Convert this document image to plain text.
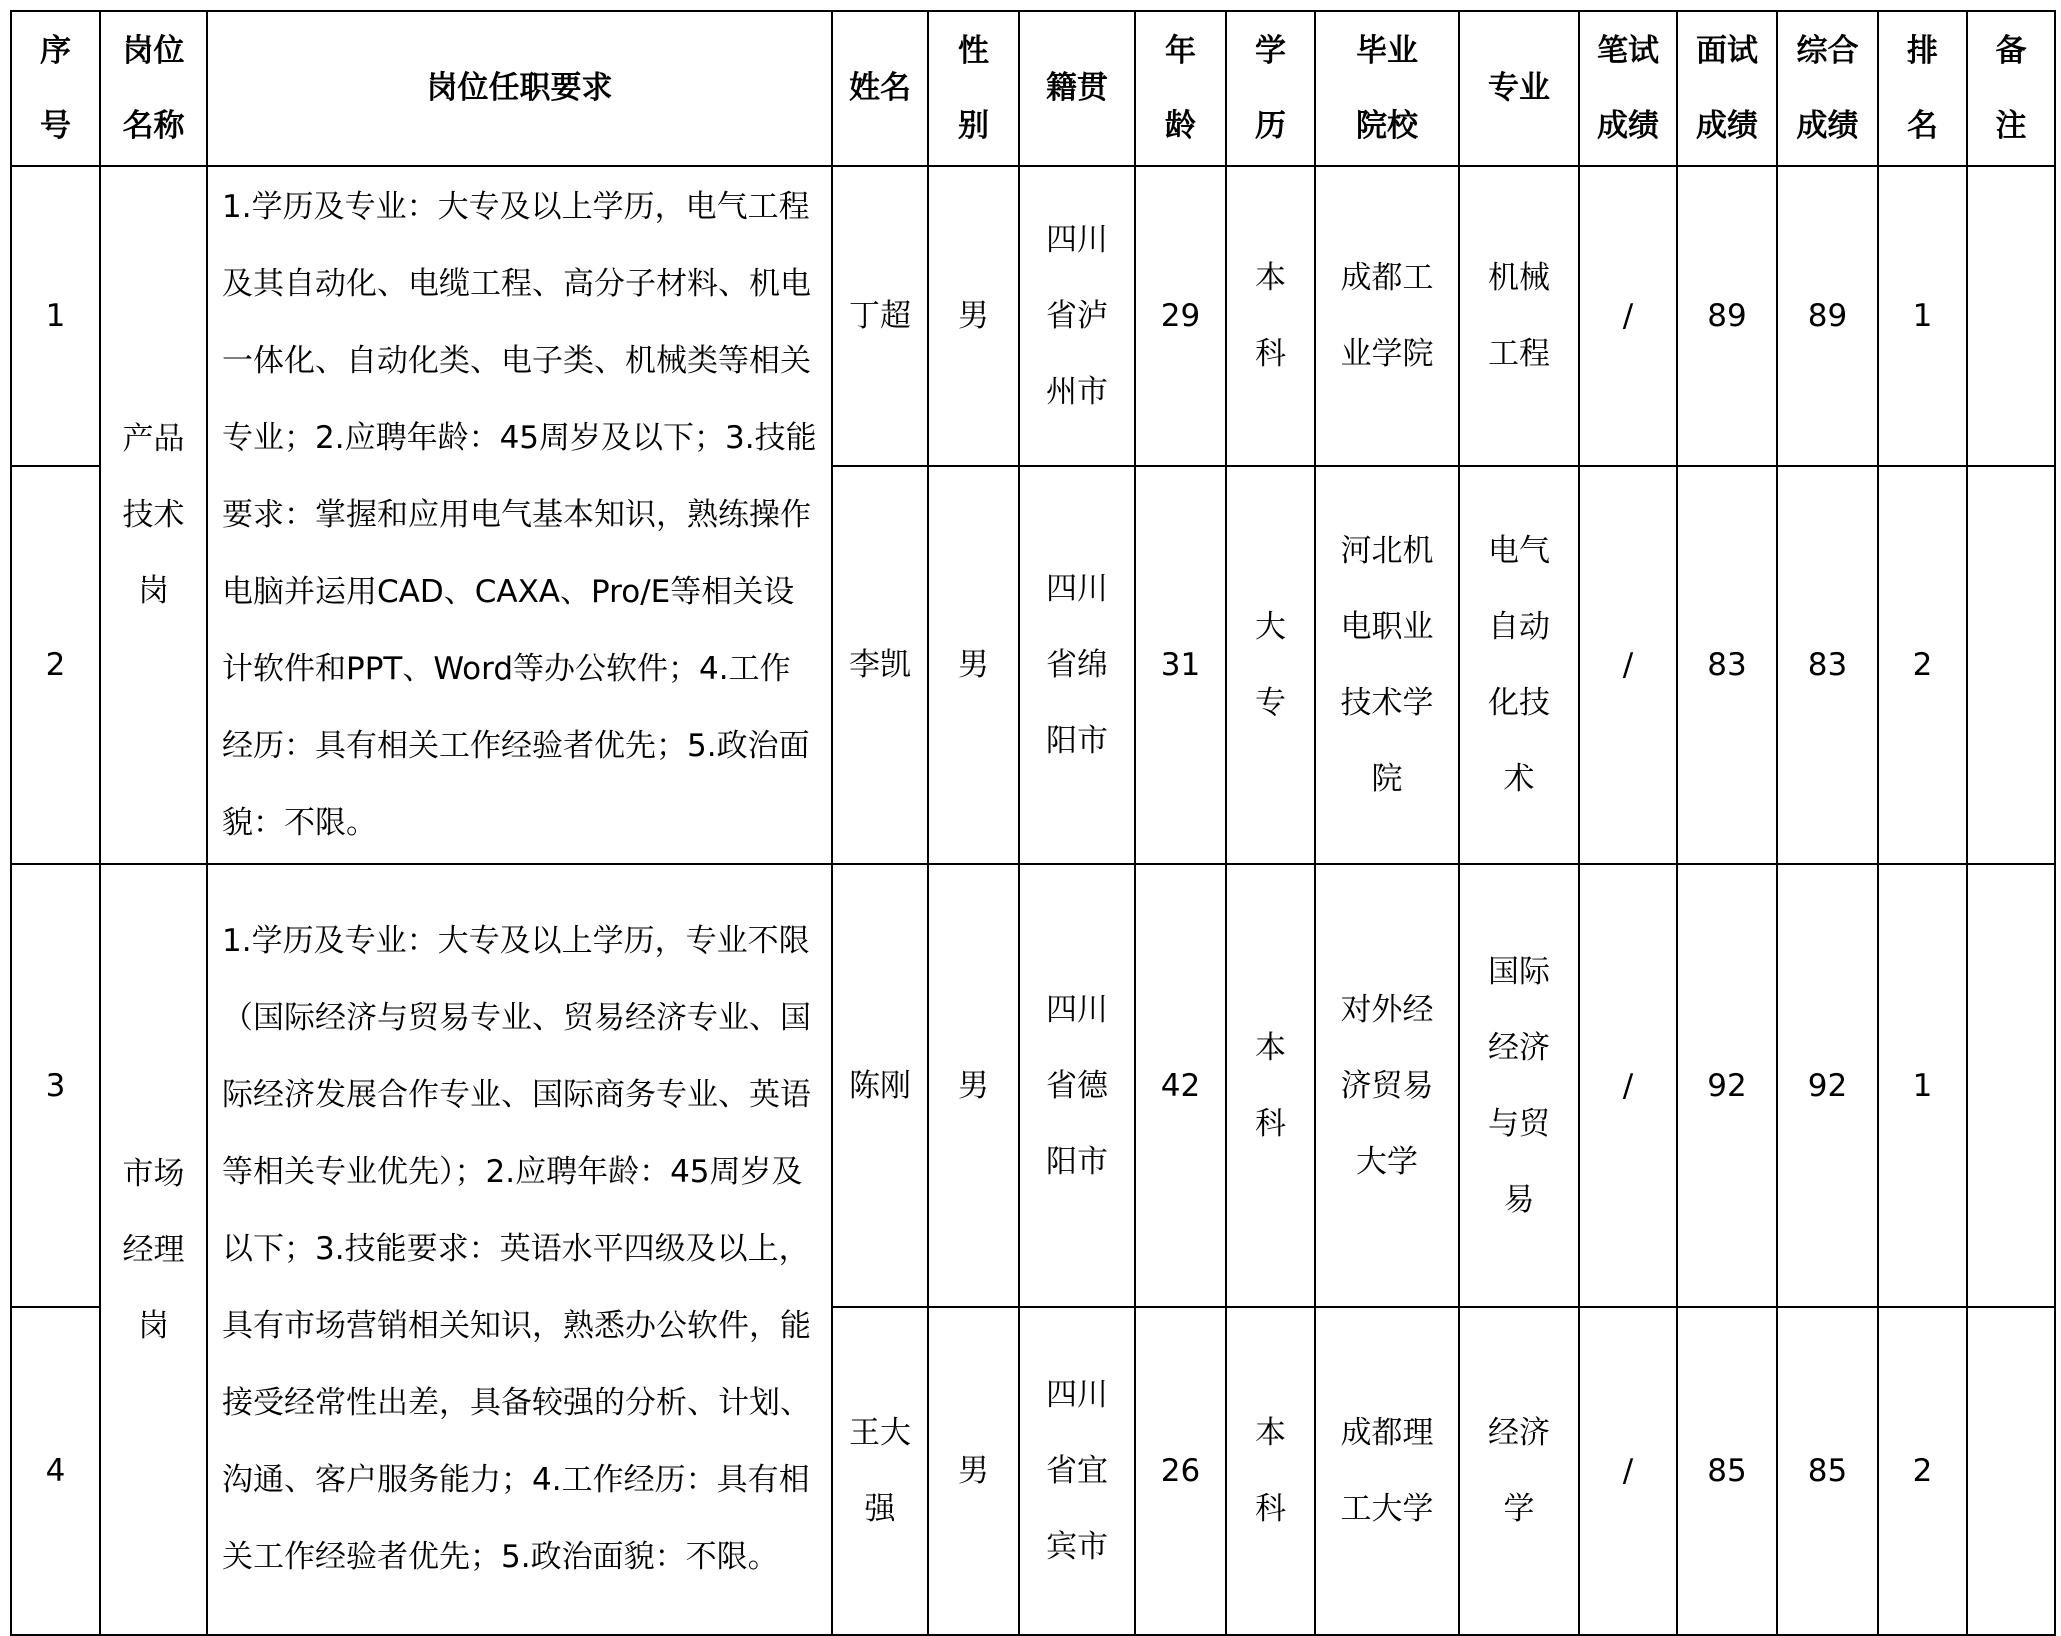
序号	岗位名称	岗位任职要求	姓名	性别	籍贯	年龄	学历	毕业院校	专业	笔试成绩	面试成绩	综合成绩	排名	备注

1	产品技术岗	1.学历及专业：大专及以上学历，电气工程及其自动化、电缆工程、高分子材料、机电一体化、自动化类、电子类、机械类等相关专业；2.应聘年龄：45周岁及以下；3.技能要求：掌握和应用电气基本知识，熟练操作电脑并运用CAD、CAXA、Pro/E等相关设计软件和PPT、Word等办公软件；4.工作经历：具有相关工作经验者优先；5.政治面貌：不限。	丁超	男	四川省泸州市	29	本科	成都工业学院	机械工程	/	89	89	1	
2			李凯	男	四川省绵阳市	31	大专	河北机电职业技术学院	电气自动化技术	/	83	83	2	
3	市场经理岗	1.学历及专业：大专及以上学历，专业不限（国际经济与贸易专业、贸易经济专业、国际经济发展合作专业、国际商务专业、英语等相关专业优先）；2.应聘年龄：45周岁及以下；3.技能要求：英语水平四级及以上，具有市场营销相关知识，熟悉办公软件，能接受经常性出差，具备较强的分析、计划、沟通、客户服务能力；4.工作经历：具有相关工作经验者优先；5.政治面貌：不限。	陈刚	男	四川省德阳市	42	本科	对外经济贸易大学	国际经济与贸易	/	92	92	1	
4			王大强	男	四川省宜宾市	26	本科	成都理工大学	经济学	/	85	85	2	
